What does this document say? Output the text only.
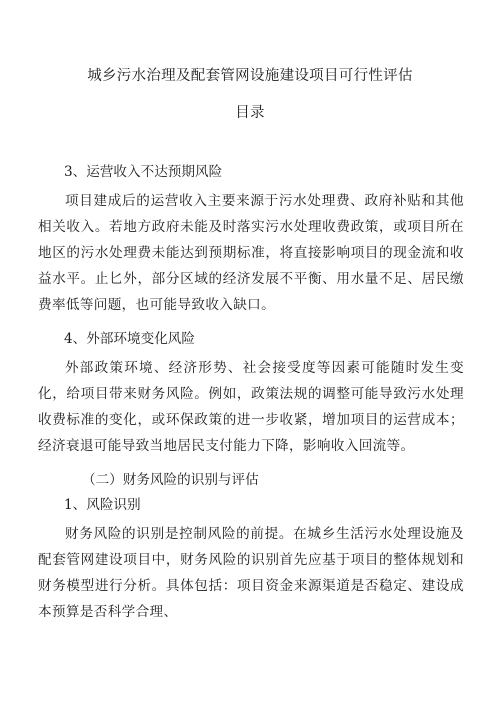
城乡污水治理及配套管网设施建设项目可行性评估
目录

3、运营收入不达预期风险

项目建成后的运营收入主要来源于污水处理费、政府补贴和其他相关收入。若地方政府未能及时落实污水处理收费政策，或项目所在地区的污水处理费未能达到预期标准，将直接影响项目的现金流和收益水平。止匕外，部分区域的经济发展不平衡、用水量不足、居民缴费率低等问题，也可能导致收入缺口。

4、外部环境变化风险

外部政策环境、经济形势、社会接受度等因素可能随时发生变化，给项目带来财务风险。例如，政策法规的调整可能导致污水处理收费标准的变化，或环保政策的进一步收紧，增加项目的运营成本；经济衰退可能导致当地居民支付能力下降，影响收入回流等。

（二）财务风险的识别与评估

1、风险识别

财务风险的识别是控制风险的前提。在城乡生活污水处理设施及配套管网建设项目中，财务风险的识别首先应基于项目的整体规划和财务模型进行分析。具体包括：项目资金来源渠道是否稳定、建设成本预算是否科学合理、
